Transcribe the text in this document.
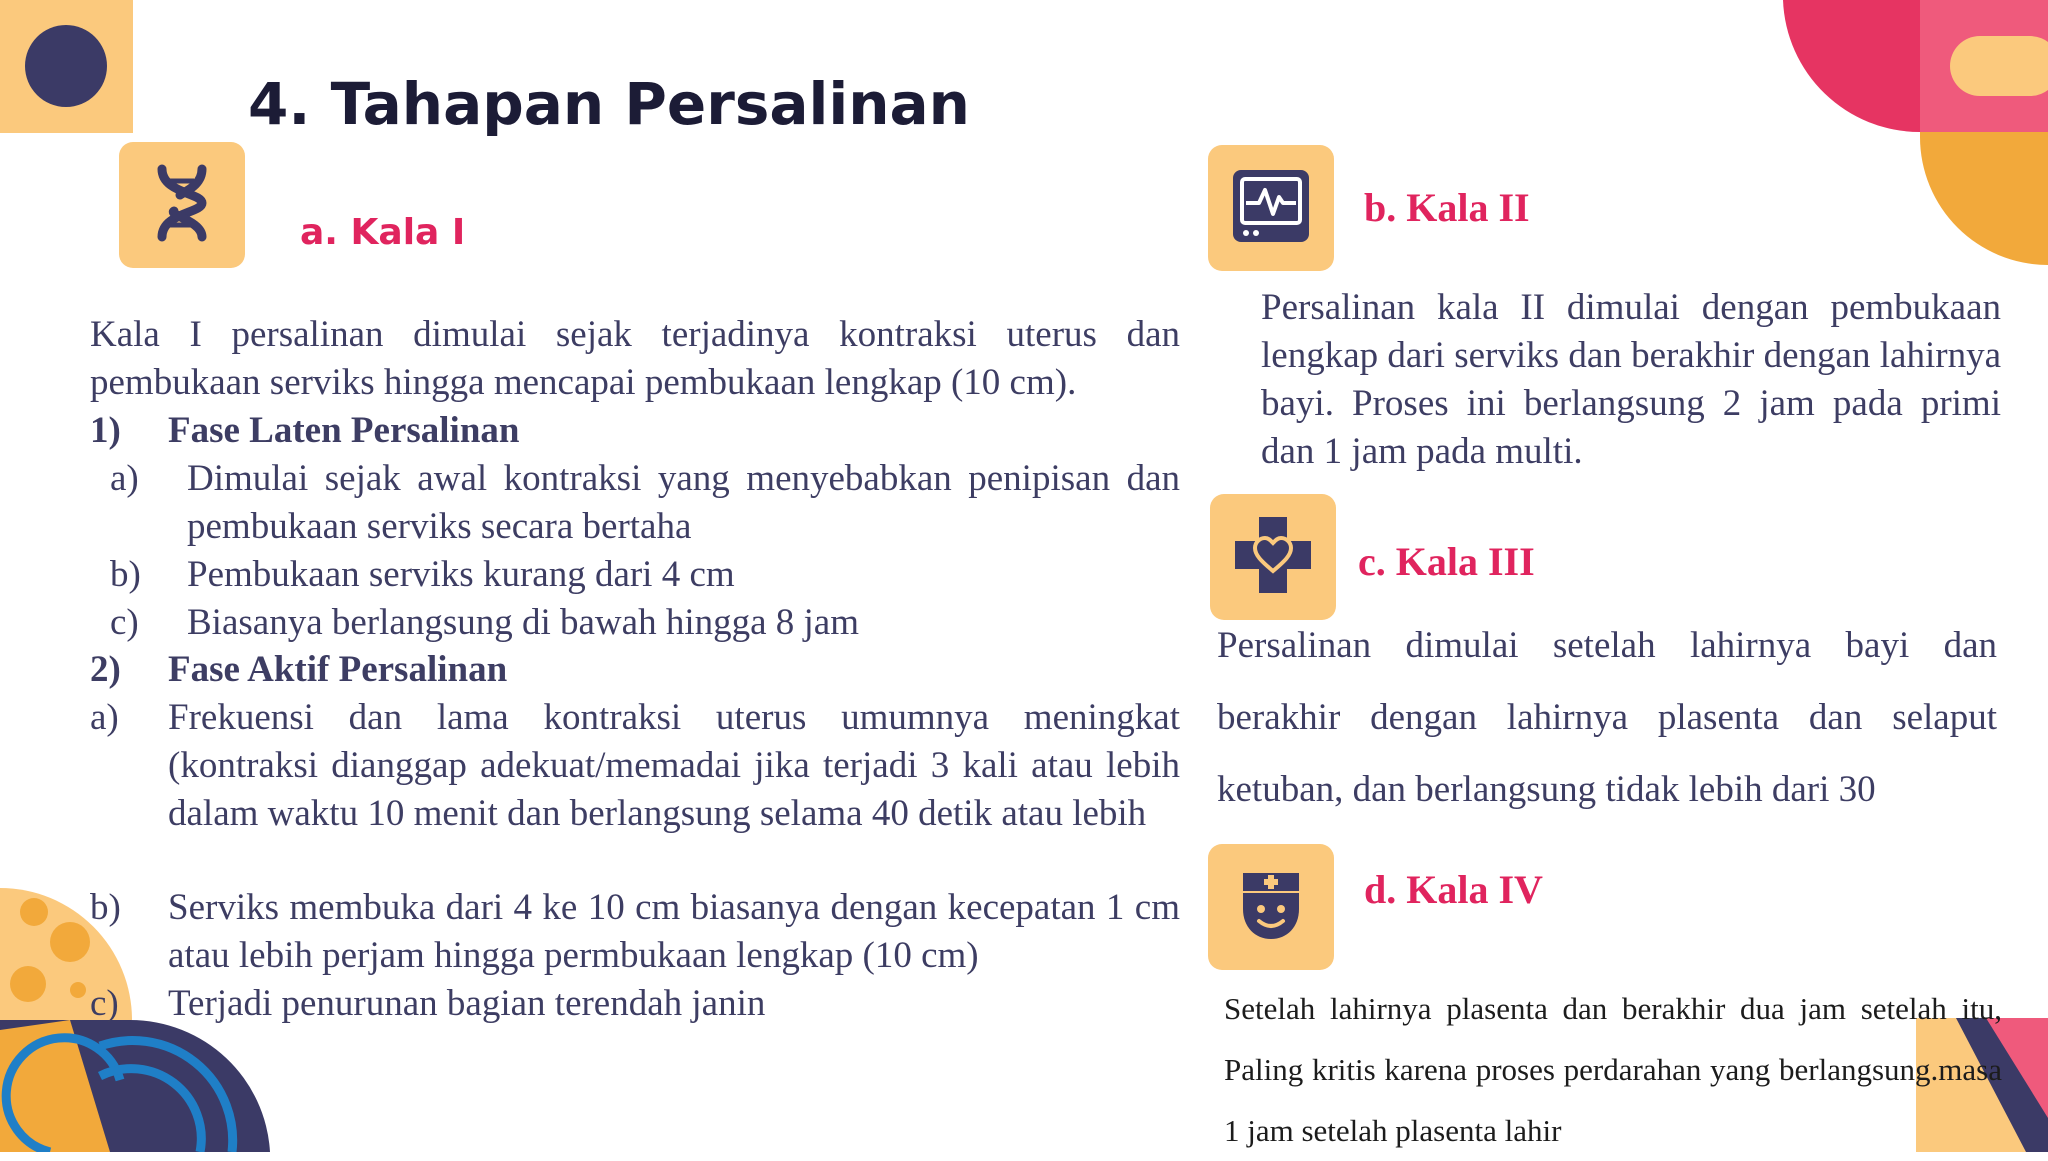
4. Tahapan Persalinan
a. Kala I

Kala I persalinan dimulai sejak terjadinya kontraksi uterus dan pembukaan serviks hingga mencapai pembukaan lengkap (10 cm).

1) Fase Laten Persalinan
a) Dimulai sejak awal kontraksi yang menyebabkan penipisan dan pembukaan serviks secara bertaha

b) Pembukaan serviks kurang dari 4 cm

c) Biasanya berlangsung di bawah hingga 8 jam

2) Fase Aktif Persalinan
a) Frekuensi dan lama kontraksi uterus umumnya meningkat (kontraksi dianggap adekuat/memadai jika terjadi 3 kali atau lebih dalam waktu 10 menit dan berlangsung selama 40 detik atau lebih

b) Serviks membuka dari 4 ke 10 cm biasanya dengan kecepatan 1 cm atau lebih perjam hingga permbukaan lengkap (10 cm)

c) Terjadi penurunan bagian terendah janin

b. Kala II

Persalinan kala II dimulai dengan pembukaan lengkap dari serviks dan berakhir dengan lahirnya bayi. Proses ini berlangsung 2 jam pada primi dan 1 jam pada multi.

c. Kala III

Persalinan dimulai setelah lahirnya bayi dan berakhir dengan lahirnya plasenta dan selaput ketuban, dan berlangsung tidak lebih dari 30

d. Kala IV

Setelah lahirnya plasenta dan berakhir dua jam setelah itu, Paling kritis karena proses perdarahan yang berlangsung.masa 1 jam setelah plasenta lahir
